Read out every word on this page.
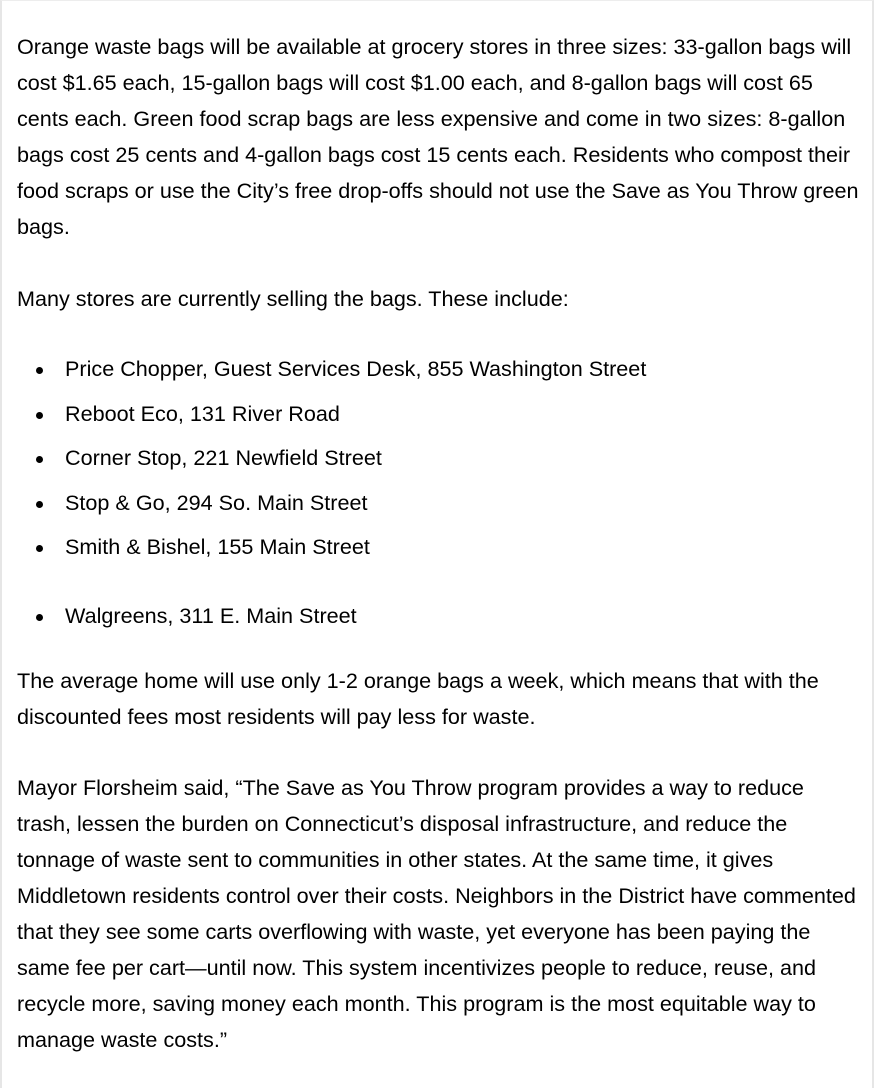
Orange waste bags will be available at grocery stores in three sizes: 33-gallon bags will cost $1.65 each, 15-gallon bags will cost $1.00 each, and 8-gallon bags will cost 65 cents each. Green food scrap bags are less expensive and come in two sizes: 8-gallon bags cost 25 cents and 4-gallon bags cost 15 cents each. Residents who compost their food scraps or use the City’s free drop-offs should not use the Save as You Throw green bags.

Many stores are currently selling the bags. These include:

Price Chopper, Guest Services Desk, 855 Washington Street
Reboot Eco, 131 River Road
Corner Stop, 221 Newfield Street
Stop & Go, 294 So. Main Street
Smith & Bishel, 155 Main Street
Walgreens, 311 E. Main Street

The average home will use only 1-2 orange bags a week, which means that with the discounted fees most residents will pay less for waste.

Mayor Florsheim said, “The Save as You Throw program provides a way to reduce trash, lessen the burden on Connecticut’s disposal infrastructure, and reduce the tonnage of waste sent to communities in other states. At the same time, it gives Middletown residents control over their costs. Neighbors in the District have commented that they see some carts overflowing with waste, yet everyone has been paying the same fee per cart—until now. This system incentivizes people to reduce, reuse, and recycle more, saving money each month. This program is the most equitable way to manage waste costs.”
